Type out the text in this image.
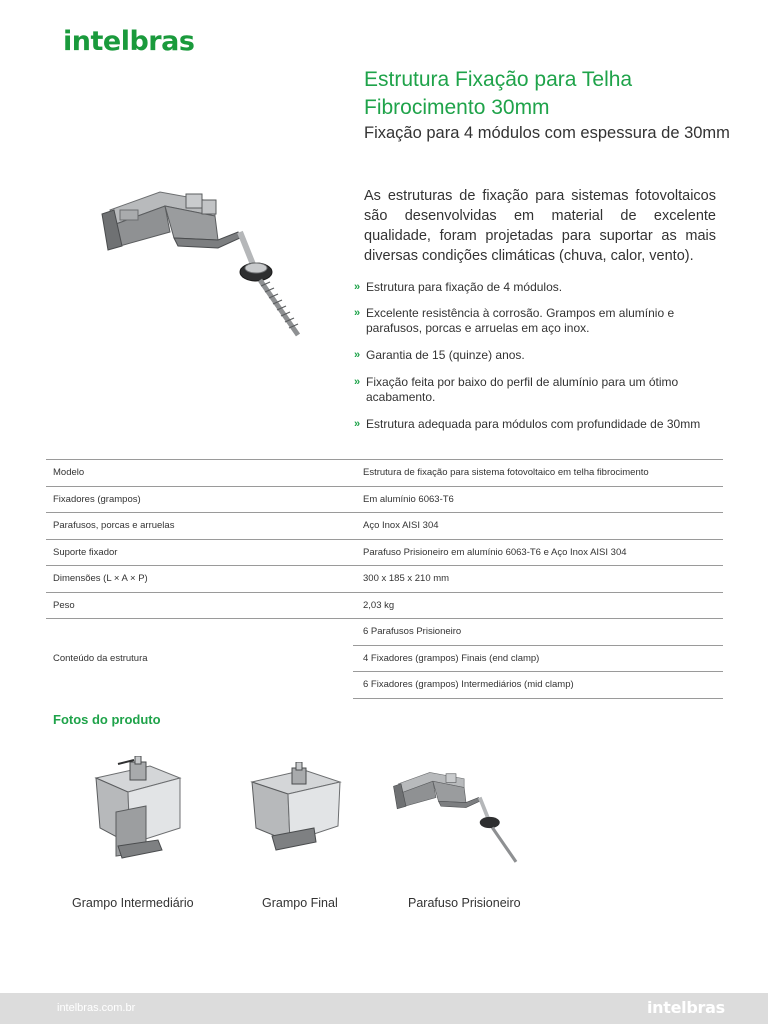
intelbras
Estrutura Fixação para Telha Fibrocimento 30mm
Fixação para 4 módulos com espessura de 30mm
As estruturas de fixação para sistemas fotovoltaicos são desenvolvidas em material de excelente qualidade, foram projetadas para suportar as mais diversas condições climáticas (chuva, calor, vento).
» Estrutura para fixação de 4 módulos.
» Excelente resistência à corrosão. Grampos em alumínio e parafusos, porcas e arruelas em aço inox.
» Garantia de 15 (quinze) anos.
» Fixação feita por baixo do perfil de alumínio para um ótimo acabamento.
» Estrutura adequada para módulos com profundidade de 30mm
Modelo	Estrutura de fixação para sistema fotovoltaico em telha fibrocimento
Fixadores (grampos)	Em alumínio 6063-T6
Parafusos, porcas e arruelas	Aço Inox AISI 304
Suporte fixador	Parafuso Prisioneiro em alumínio 6063-T6 e Aço Inox AISI 304
Dimensões (L × A × P)	300 x 185 x 210 mm
Peso	2,03 kg
Conteúdo da estrutura	6 Parafusos Prisioneiro
	4 Fixadores (grampos) Finais (end clamp)
	6 Fixadores (grampos) Intermediários (mid clamp)
Fotos do produto
Grampo Intermediário	Grampo Final	Parafuso Prisioneiro
intelbras.com.br	intelbras
